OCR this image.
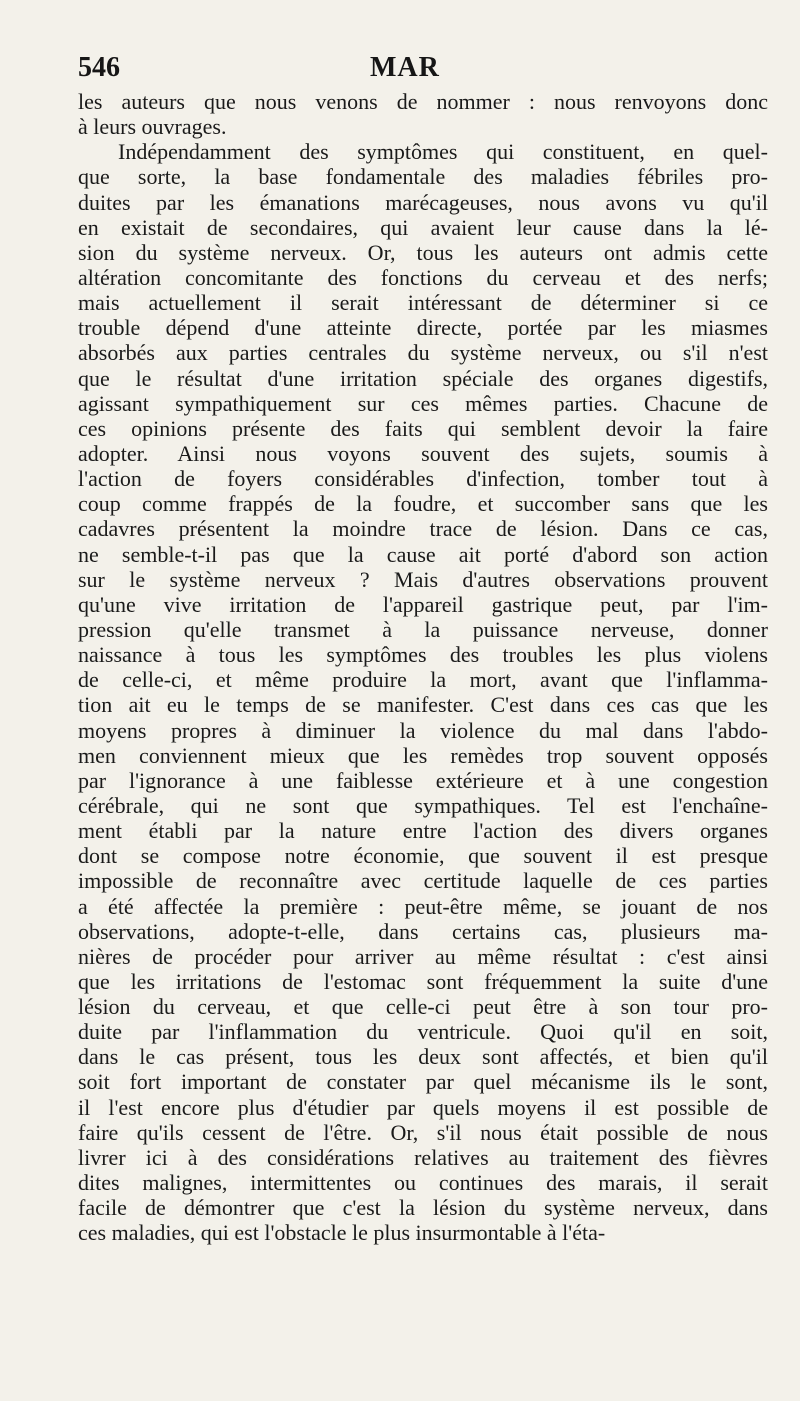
546	MAR
les auteurs que nous venons de nommer : nous renvoyons donc
à leurs ouvrages.
Indépendamment des symptômes qui constituent, en quel-
que sorte, la base fondamentale des maladies fébriles pro-
duites par les émanations marécageuses, nous avons vu qu'il
en existait de secondaires, qui avaient leur cause dans la lé-
sion du système nerveux. Or, tous les auteurs ont admis cette
altération concomitante des fonctions du cerveau et des nerfs;
mais actuellement il serait intéressant de déterminer si ce
trouble dépend d'une atteinte directe, portée par les miasmes
absorbés aux parties centrales du système nerveux, ou s'il n'est
que le résultat d'une irritation spéciale des organes digestifs,
agissant sympathiquement sur ces mêmes parties. Chacune de
ces opinions présente des faits qui semblent devoir la faire
adopter. Ainsi nous voyons souvent des sujets, soumis à
l'action de foyers considérables d'infection, tomber tout à
coup comme frappés de la foudre, et succomber sans que les
cadavres présentent la moindre trace de lésion. Dans ce cas,
ne semble-t-il pas que la cause ait porté d'abord son action
sur le système nerveux ? Mais d'autres observations prouvent
qu'une vive irritation de l'appareil gastrique peut, par l'im-
pression qu'elle transmet à la puissance nerveuse, donner
naissance à tous les symptômes des troubles les plus violens
de celle-ci, et même produire la mort, avant que l'inflamma-
tion ait eu le temps de se manifester. C'est dans ces cas que les
moyens propres à diminuer la violence du mal dans l'abdo-
men conviennent mieux que les remèdes trop souvent opposés
par l'ignorance à une faiblesse extérieure et à une congestion
cérébrale, qui ne sont que sympathiques. Tel est l'enchaîne-
ment établi par la nature entre l'action des divers organes
dont se compose notre économie, que souvent il est presque
impossible de reconnaître avec certitude laquelle de ces parties
a été affectée la première : peut-être même, se jouant de nos
observations, adopte-t-elle, dans certains cas, plusieurs ma-
nières de procéder pour arriver au même résultat : c'est ainsi
que les irritations de l'estomac sont fréquemment la suite d'une
lésion du cerveau, et que celle-ci peut être à son tour pro-
duite par l'inflammation du ventricule. Quoi qu'il en soit,
dans le cas présent, tous les deux sont affectés, et bien qu'il
soit fort important de constater par quel mécanisme ils le sont,
il l'est encore plus d'étudier par quels moyens il est possible de
faire qu'ils cessent de l'être. Or, s'il nous était possible de nous
livrer ici à des considérations relatives au traitement des fièvres
dites malignes, intermittentes ou continues des marais, il serait
facile de démontrer que c'est la lésion du système nerveux, dans
ces maladies, qui est l'obstacle le plus insurmontable à l'éta-
